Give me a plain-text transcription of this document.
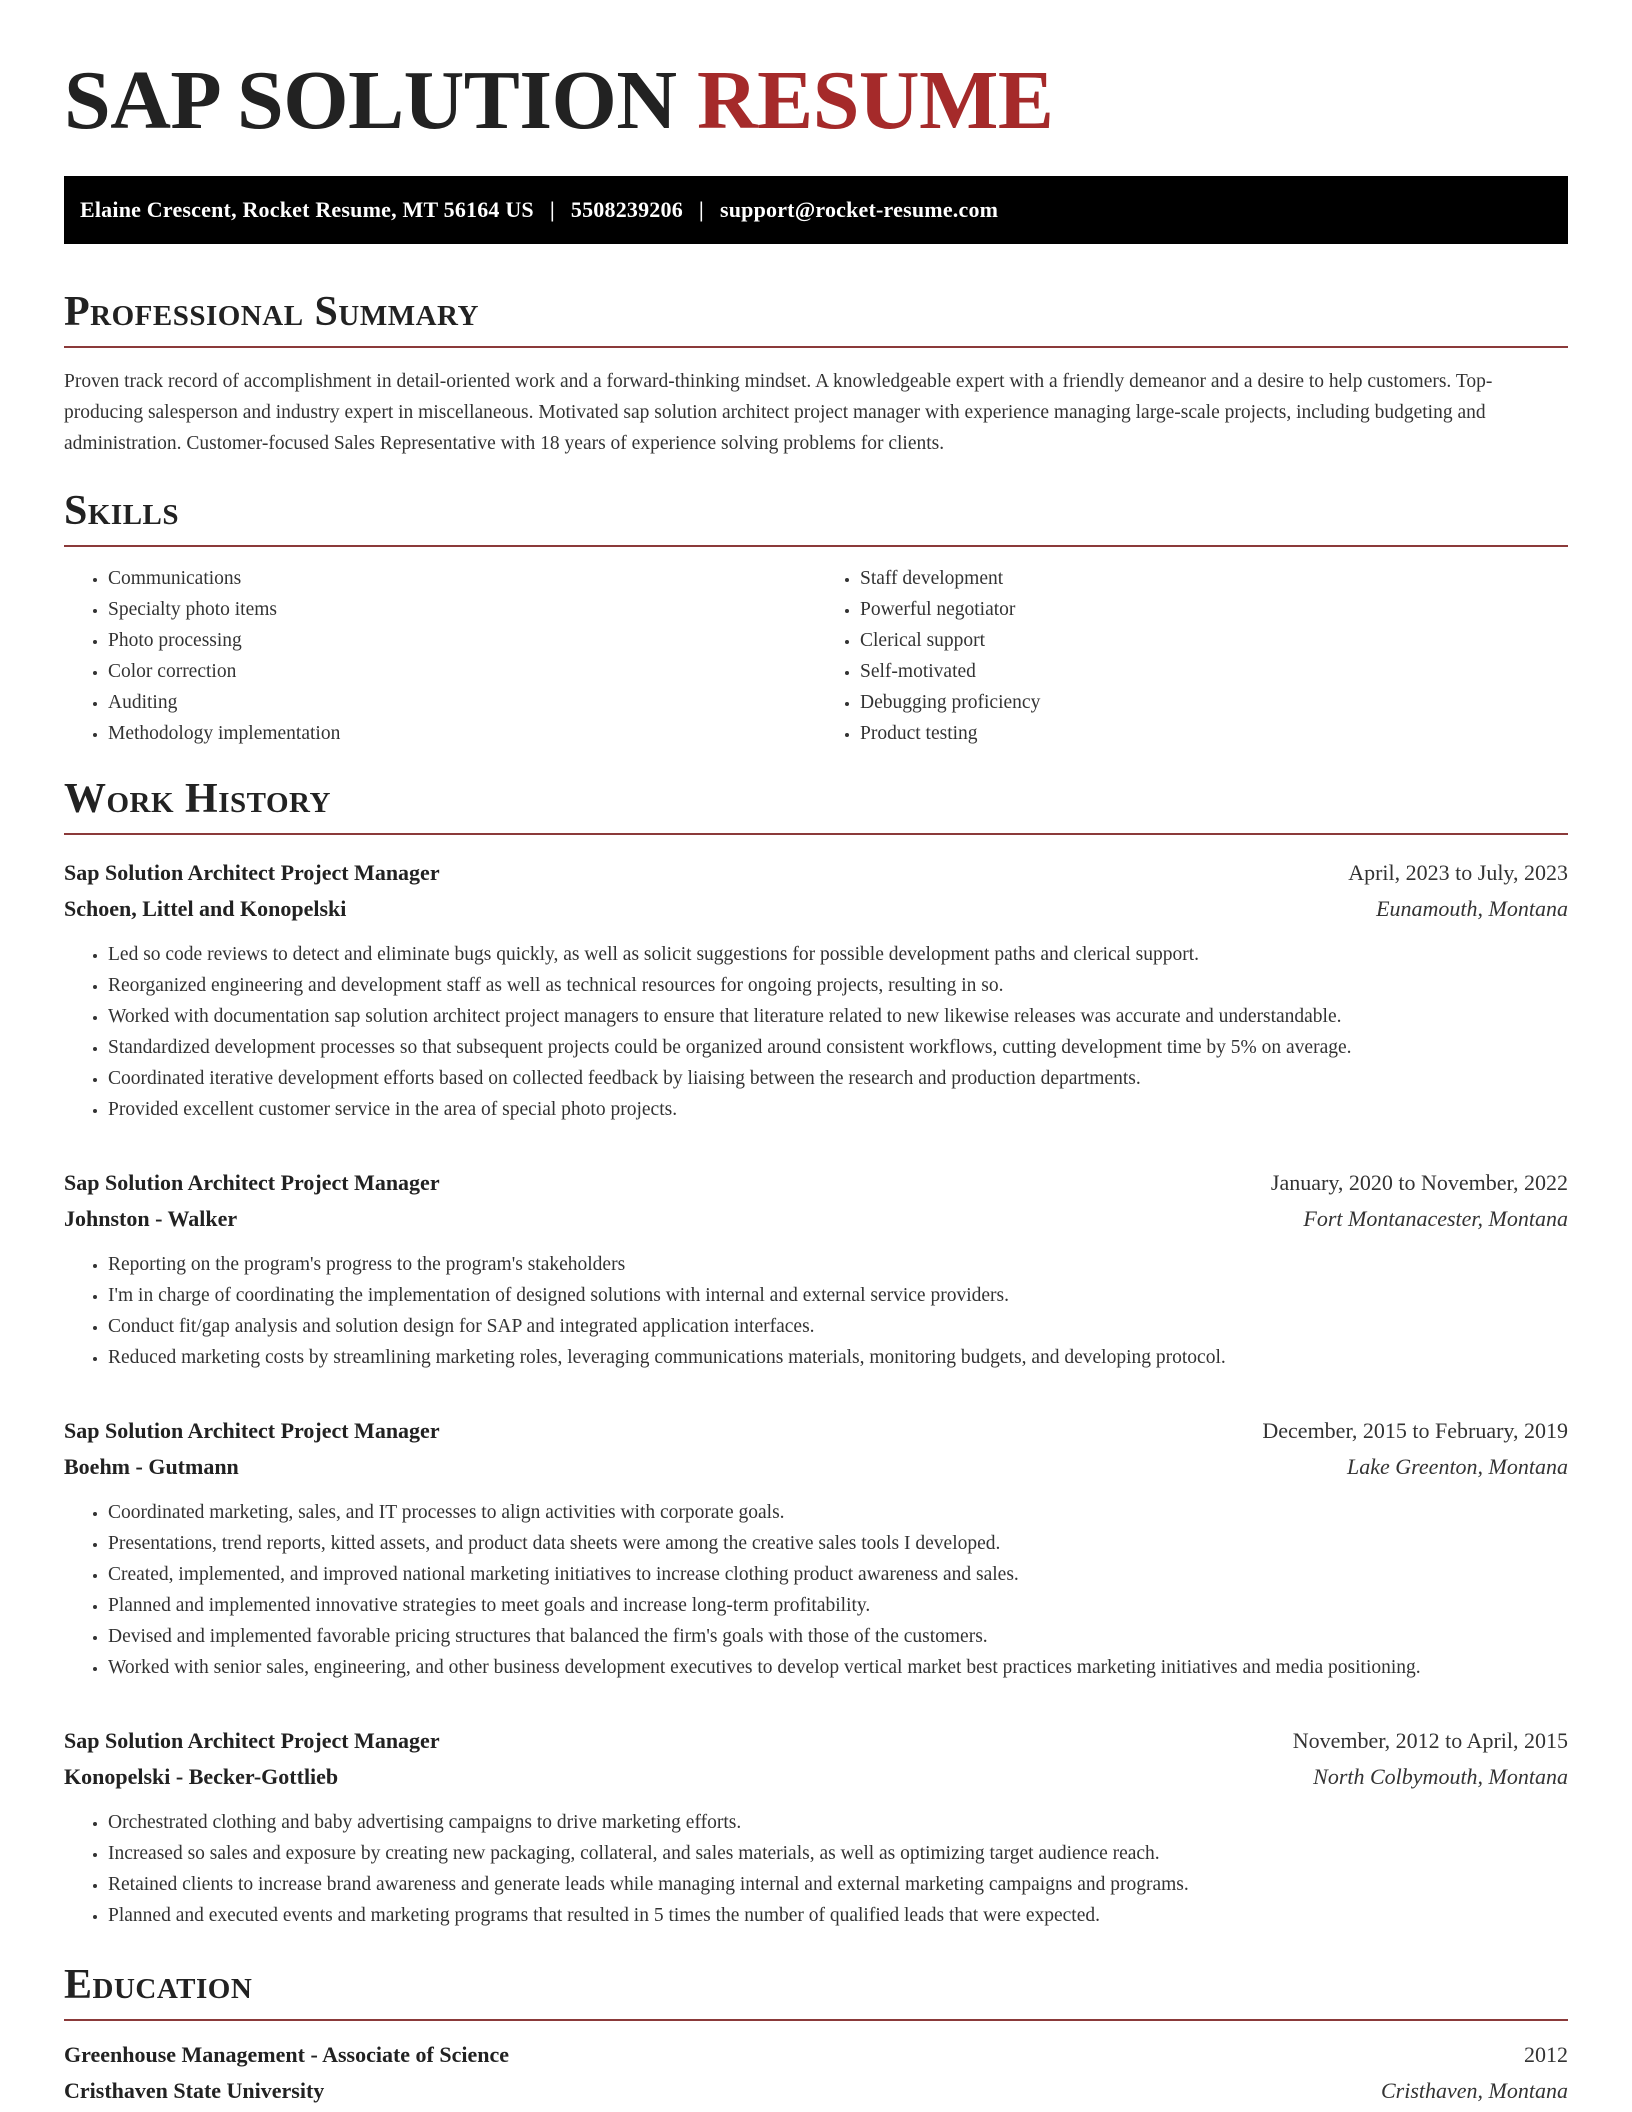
SAP SOLUTION RESUME
Elaine Crescent, Rocket Resume, MT 56164 US | 5508239206 | support@rocket-resume.com
Professional Summary

Proven track record of accomplishment in detail-oriented work and a forward-thinking mindset. A knowledgeable expert with a friendly demeanor and a desire to help customers. Top-producing salesperson and industry expert in miscellaneous. Motivated sap solution architect project manager with experience managing large-scale projects, including budgeting and administration. Customer-focused Sales Representative with 18 years of experience solving problems for clients.

Skills
• Communications
• Specialty photo items
• Photo processing
• Color correction
• Auditing
• Methodology implementation
• Staff development
• Powerful negotiator
• Clerical support
• Self-motivated
• Debugging proficiency
• Product testing
Work History
Sap Solution Architect Project Manager	April, 2023 to July, 2023
Schoen, Littel and Konopelski	Eunamouth, Montana
• Led so code reviews to detect and eliminate bugs quickly, as well as solicit suggestions for possible development paths and clerical support.
• Reorganized engineering and development staff as well as technical resources for ongoing projects, resulting in so.
• Worked with documentation sap solution architect project managers to ensure that literature related to new likewise releases was accurate and understandable.
• Standardized development processes so that subsequent projects could be organized around consistent workflows, cutting development time by 5% on average.
• Coordinated iterative development efforts based on collected feedback by liaising between the research and production departments.
• Provided excellent customer service in the area of special photo projects.
Sap Solution Architect Project Manager	January, 2020 to November, 2022
Johnston - Walker	Fort Montanacester, Montana
• Reporting on the program's progress to the program's stakeholders
• I'm in charge of coordinating the implementation of designed solutions with internal and external service providers.
• Conduct fit/gap analysis and solution design for SAP and integrated application interfaces.
• Reduced marketing costs by streamlining marketing roles, leveraging communications materials, monitoring budgets, and developing protocol.
Sap Solution Architect Project Manager	December, 2015 to February, 2019
Boehm - Gutmann	Lake Greenton, Montana
• Coordinated marketing, sales, and IT processes to align activities with corporate goals.
• Presentations, trend reports, kitted assets, and product data sheets were among the creative sales tools I developed.
• Created, implemented, and improved national marketing initiatives to increase clothing product awareness and sales.
• Planned and implemented innovative strategies to meet goals and increase long-term profitability.
• Devised and implemented favorable pricing structures that balanced the firm's goals with those of the customers.
• Worked with senior sales, engineering, and other business development executives to develop vertical market best practices marketing initiatives and media positioning.
Sap Solution Architect Project Manager	November, 2012 to April, 2015
Konopelski - Becker-Gottlieb	North Colbymouth, Montana
• Orchestrated clothing and baby advertising campaigns to drive marketing efforts.
• Increased so sales and exposure by creating new packaging, collateral, and sales materials, as well as optimizing target audience reach.
• Retained clients to increase brand awareness and generate leads while managing internal and external marketing campaigns and programs.
• Planned and executed events and marketing programs that resulted in 5 times the number of qualified leads that were expected.
Education
Greenhouse Management - Associate of Science	2012
Cristhaven State University	Cristhaven, Montana
